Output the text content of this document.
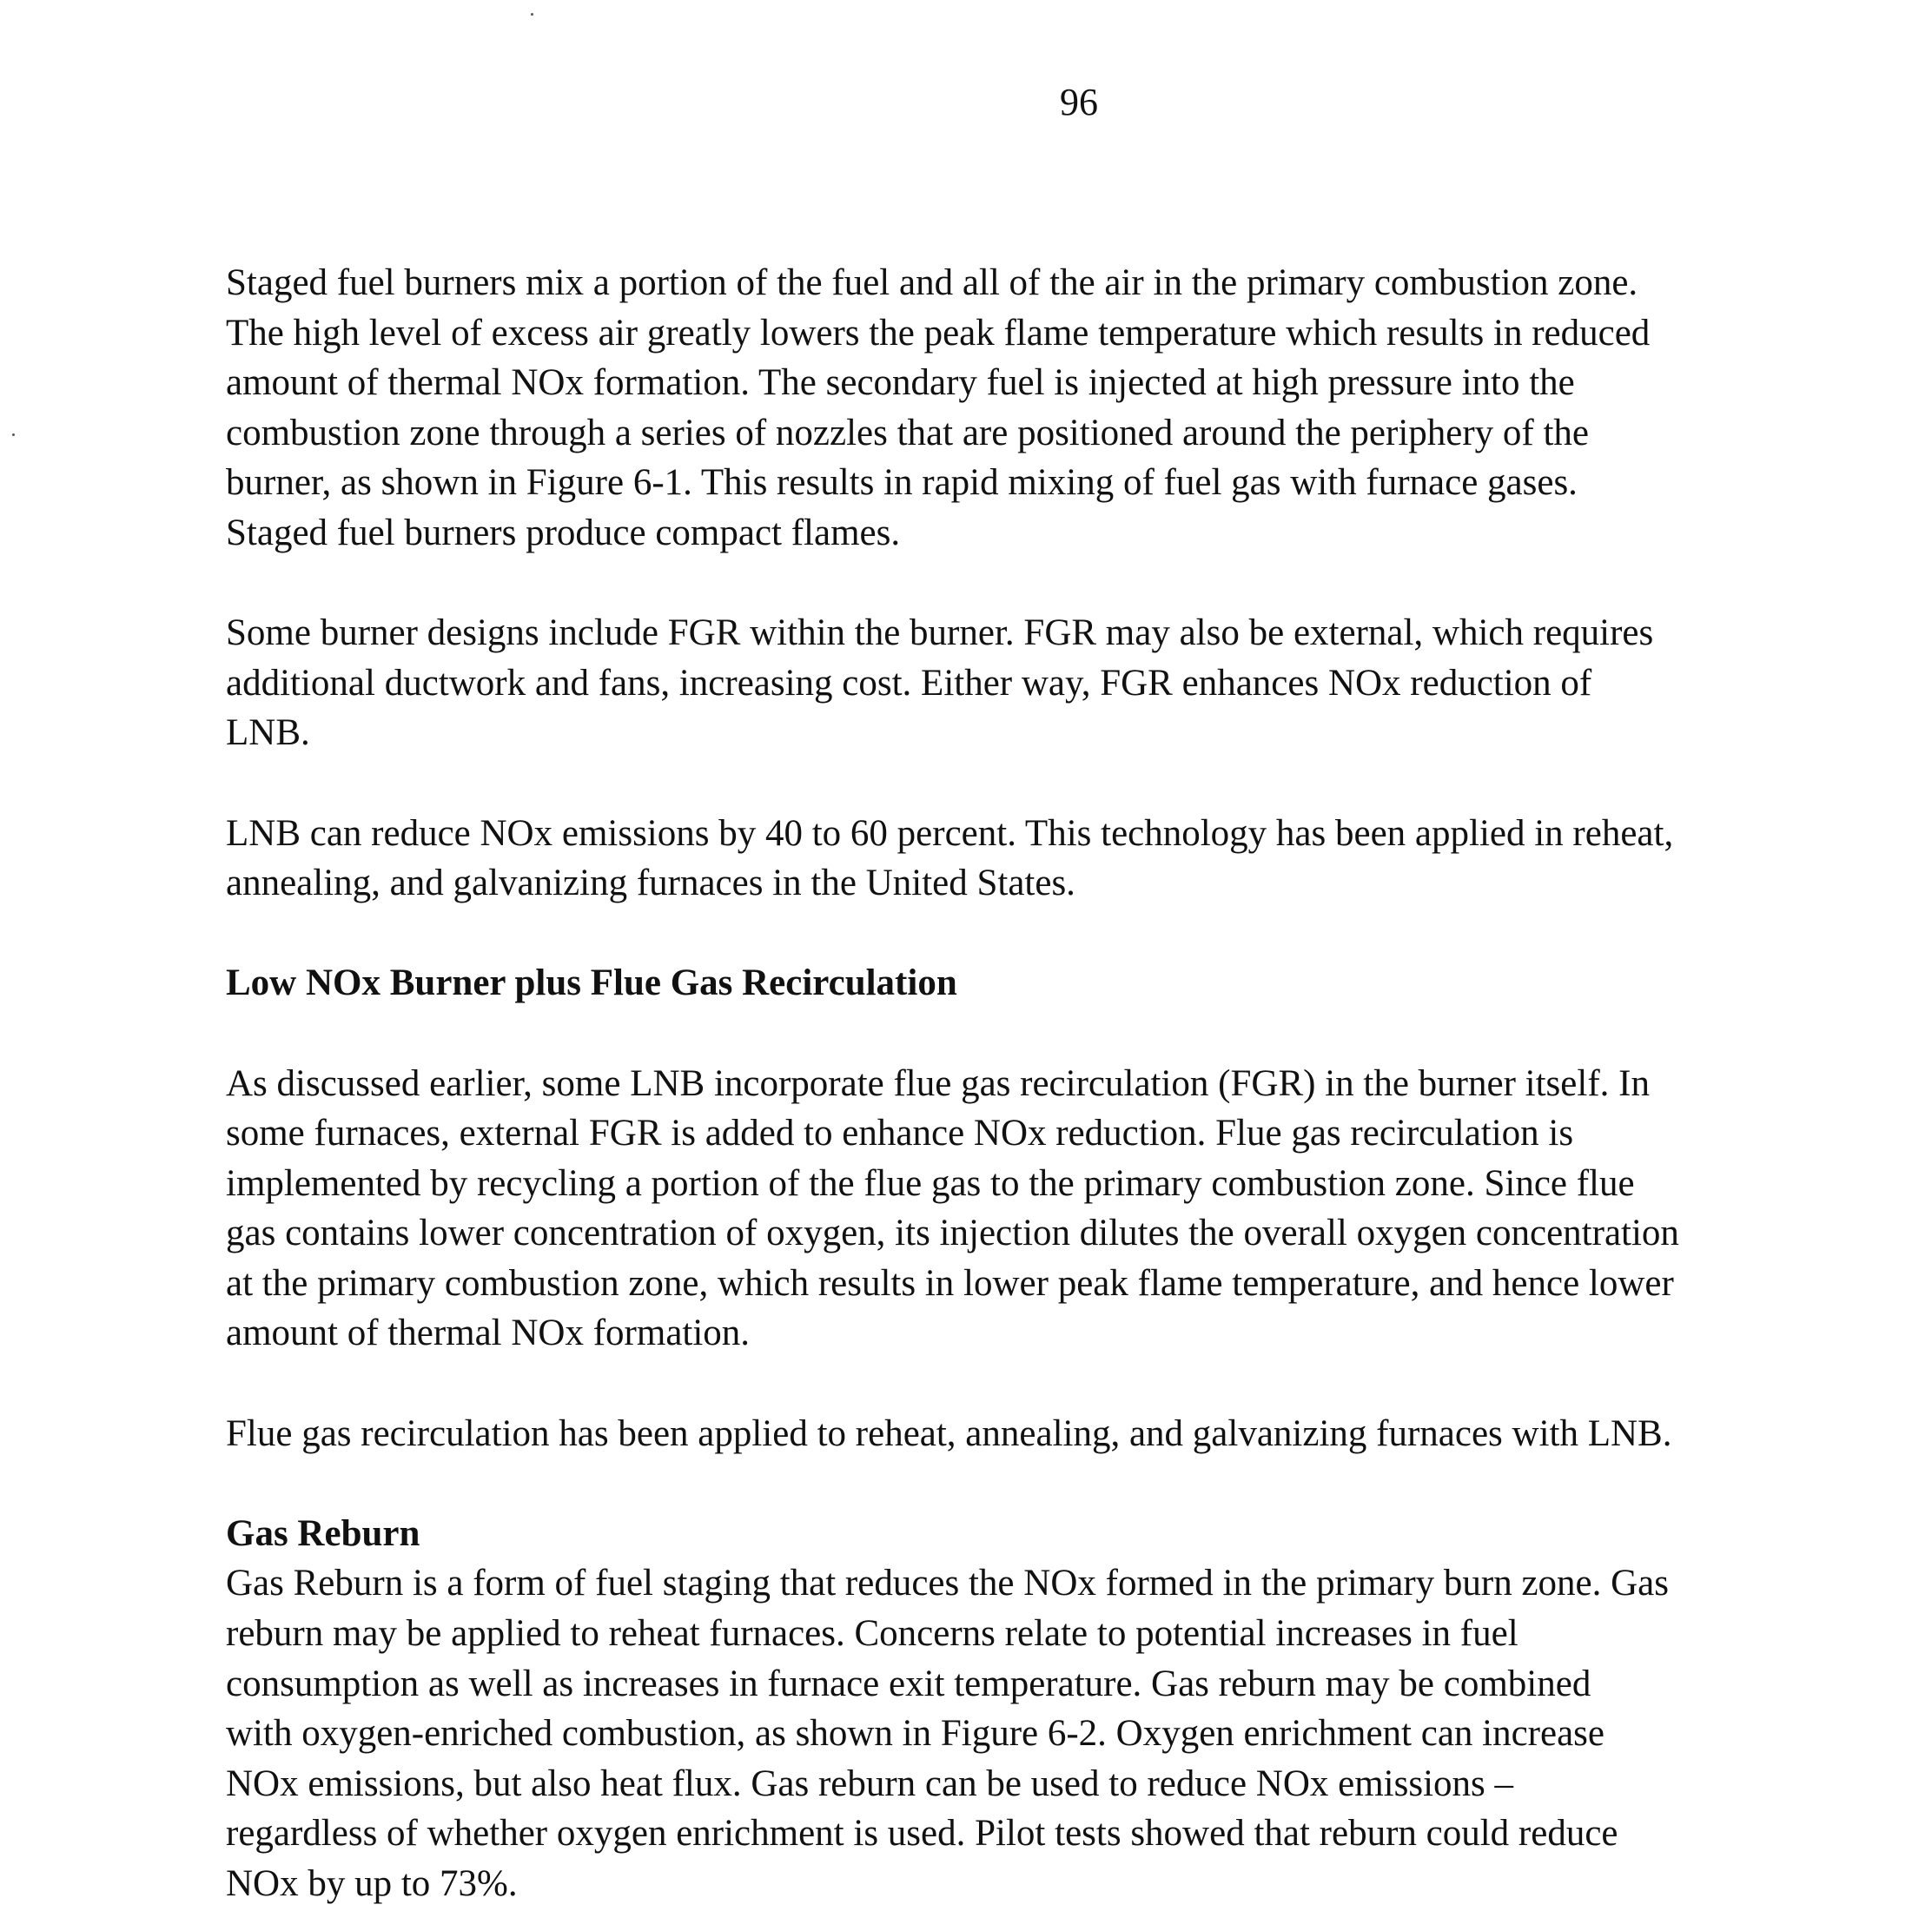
96

Staged fuel burners mix a portion of the fuel and all of the air in the primary combustion zone.
The high level of excess air greatly lowers the peak flame temperature which results in reduced
amount of thermal NOx formation. The secondary fuel is injected at high pressure into the
combustion zone through a series of nozzles that are positioned around the periphery of the
burner, as shown in Figure 6-1. This results in rapid mixing of fuel gas with furnace gases.
Staged fuel burners produce compact flames.

Some burner designs include FGR within the burner. FGR may also be external, which requires
additional ductwork and fans, increasing cost. Either way, FGR enhances NOx reduction of
LNB.

LNB can reduce NOx emissions by 40 to 60 percent. This technology has been applied in reheat,
annealing, and galvanizing furnaces in the United States.

Low NOx Burner plus Flue Gas Recirculation

As discussed earlier, some LNB incorporate flue gas recirculation (FGR) in the burner itself. In
some furnaces, external FGR is added to enhance NOx reduction. Flue gas recirculation is
implemented by recycling a portion of the flue gas to the primary combustion zone. Since flue
gas contains lower concentration of oxygen, its injection dilutes the overall oxygen concentration
at the primary combustion zone, which results in lower peak flame temperature, and hence lower
amount of thermal NOx formation.

Flue gas recirculation has been applied to reheat, annealing, and galvanizing furnaces with LNB.

Gas Reburn

Gas Reburn is a form of fuel staging that reduces the NOx formed in the primary burn zone. Gas
reburn may be applied to reheat furnaces. Concerns relate to potential increases in fuel
consumption as well as increases in furnace exit temperature. Gas reburn may be combined
with oxygen-enriched combustion, as shown in Figure 6-2. Oxygen enrichment can increase
NOx emissions, but also heat flux. Gas reburn can be used to reduce NOx emissions –
regardless of whether oxygen enrichment is used. Pilot tests showed that reburn could reduce
NOx by up to 73%.
